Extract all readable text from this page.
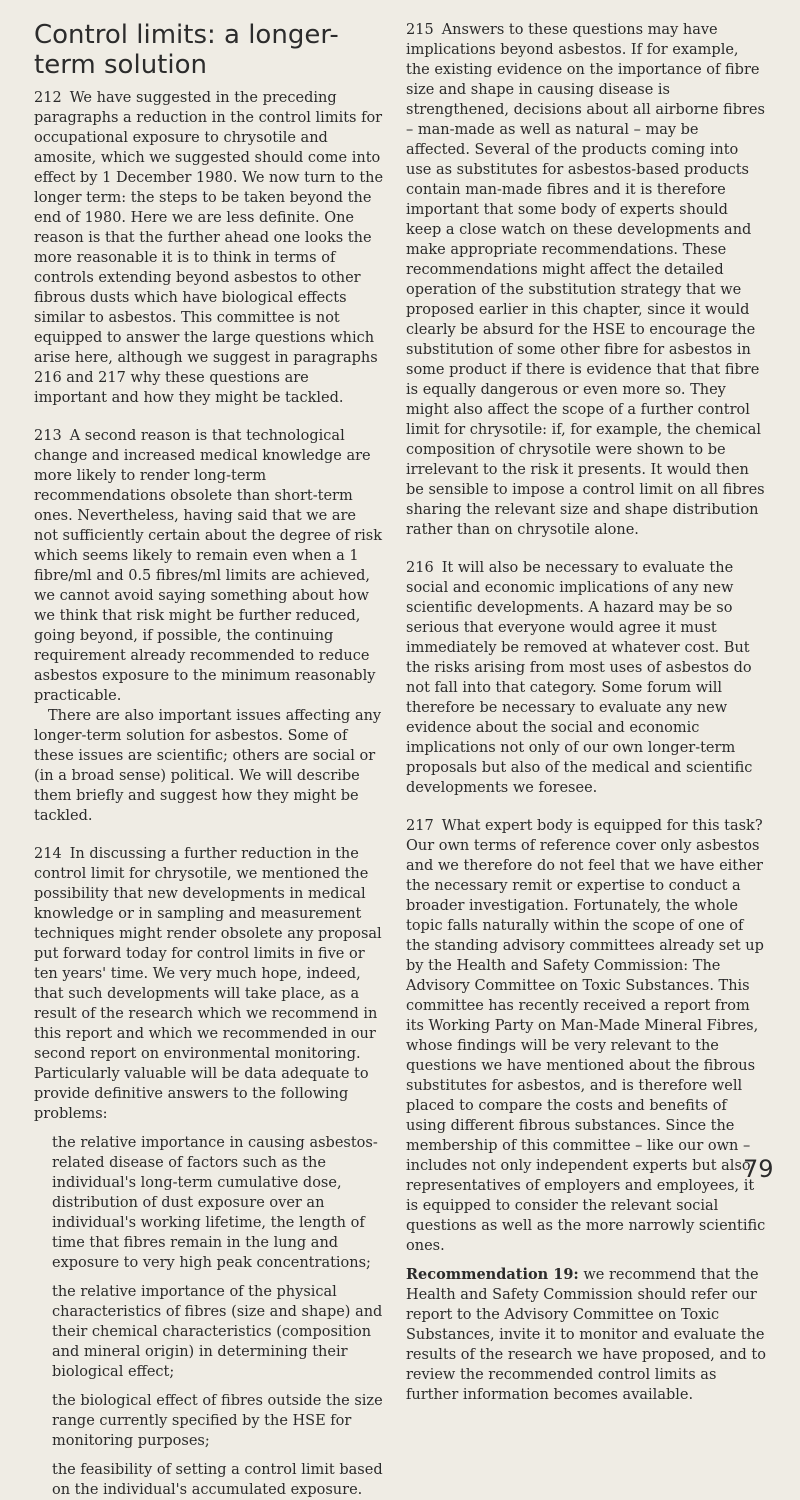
Control limits: a longer-term solution

212 We have suggested in the preceding paragraphs a reduction in the control limits for occupational exposure to chrysotile and amosite, which we suggested should come into effect by 1 December 1980. We now turn to the longer term: the steps to be taken beyond the end of 1980. Here we are less definite. One reason is that the further ahead one looks the more reasonable it is to think in terms of controls extending beyond asbestos to other fibrous dusts which have biological effects similar to asbestos. This committee is not equipped to answer the large questions which arise here, although we suggest in paragraphs 216 and 217 why these questions are important and how they might be tackled.

213 A second reason is that technological change and increased medical knowledge are more likely to render long-term recommendations obsolete than short-term ones. Nevertheless, having said that we are not sufficiently certain about the degree of risk which seems likely to remain even when a 1 fibre/ml and 0.5 fibres/ml limits are achieved, we cannot avoid saying something about how we think that risk might be further reduced, going beyond, if possible, the continuing requirement already recommended to reduce asbestos exposure to the minimum reasonably practicable.

There are also important issues affecting any longer-term solution for asbestos. Some of these issues are scientific; others are social or (in a broad sense) political. We will describe them briefly and suggest how they might be tackled.

214 In discussing a further reduction in the control limit for chrysotile, we mentioned the possibility that new developments in medical knowledge or in sampling and measurement techniques might render obsolete any proposal put forward today for control limits in five or ten years' time. We very much hope, indeed, that such developments will take place, as a result of the research which we recommend in this report and which we recommended in our second report on environmental monitoring. Particularly valuable will be data adequate to provide definitive answers to the following problems:

the relative importance in causing asbestos-related disease of factors such as the individual's long-term cumulative dose, distribution of dust exposure over an individual's working lifetime, the length of time that fibres remain in the lung and exposure to very high peak concentrations;

the relative importance of the physical characteristics of fibres (size and shape) and their chemical characteristics (composition and mineral origin) in determining their biological effect;

the biological effect of fibres outside the size range currently specified by the HSE for monitoring purposes;

the feasibility of setting a control limit based on the individual's accumulated exposure.

215 Answers to these questions may have implications beyond asbestos. If for example, the existing evidence on the importance of fibre size and shape in causing disease is strengthened, decisions about all airborne fibres – man-made as well as natural – may be affected. Several of the products coming into use as substitutes for asbestos-based products contain man-made fibres and it is therefore important that some body of experts should keep a close watch on these developments and make appropriate recommendations. These recommendations might affect the detailed operation of the substitution strategy that we proposed earlier in this chapter, since it would clearly be absurd for the HSE to encourage the substitution of some other fibre for asbestos in some product if there is evidence that that fibre is equally dangerous or even more so. They might also affect the scope of a further control limit for chrysotile: if, for example, the chemical composition of chrysotile were shown to be irrelevant to the risk it presents. It would then be sensible to impose a control limit on all fibres sharing the relevant size and shape distribution rather than on chrysotile alone.

216 It will also be necessary to evaluate the social and economic implications of any new scientific developments. A hazard may be so serious that everyone would agree it must immediately be removed at whatever cost. But the risks arising from most uses of asbestos do not fall into that category. Some forum will therefore be necessary to evaluate any new evidence about the social and economic implications not only of our own longer-term proposals but also of the medical and scientific developments we foresee.

217 What expert body is equipped for this task? Our own terms of reference cover only asbestos and we therefore do not feel that we have either the necessary remit or expertise to conduct a broader investigation. Fortunately, the whole topic falls naturally within the scope of one of the standing advisory committees already set up by the Health and Safety Commission: The Advisory Committee on Toxic Substances. This committee has recently received a report from its Working Party on Man-Made Mineral Fibres, whose findings will be very relevant to the questions we have mentioned about the fibrous substitutes for asbestos, and is therefore well placed to compare the costs and benefits of using different fibrous substances. Since the membership of this committee – like our own – includes not only independent experts but also representatives of employers and employees, it is equipped to consider the relevant social questions as well as the more narrowly scientific ones.

Recommendation 19: we recommend that the Health and Safety Commission should refer our report to the Advisory Committee on Toxic Substances, invite it to monitor and evaluate the results of the research we have proposed, and to review the recommended control limits as further information becomes available.

79
